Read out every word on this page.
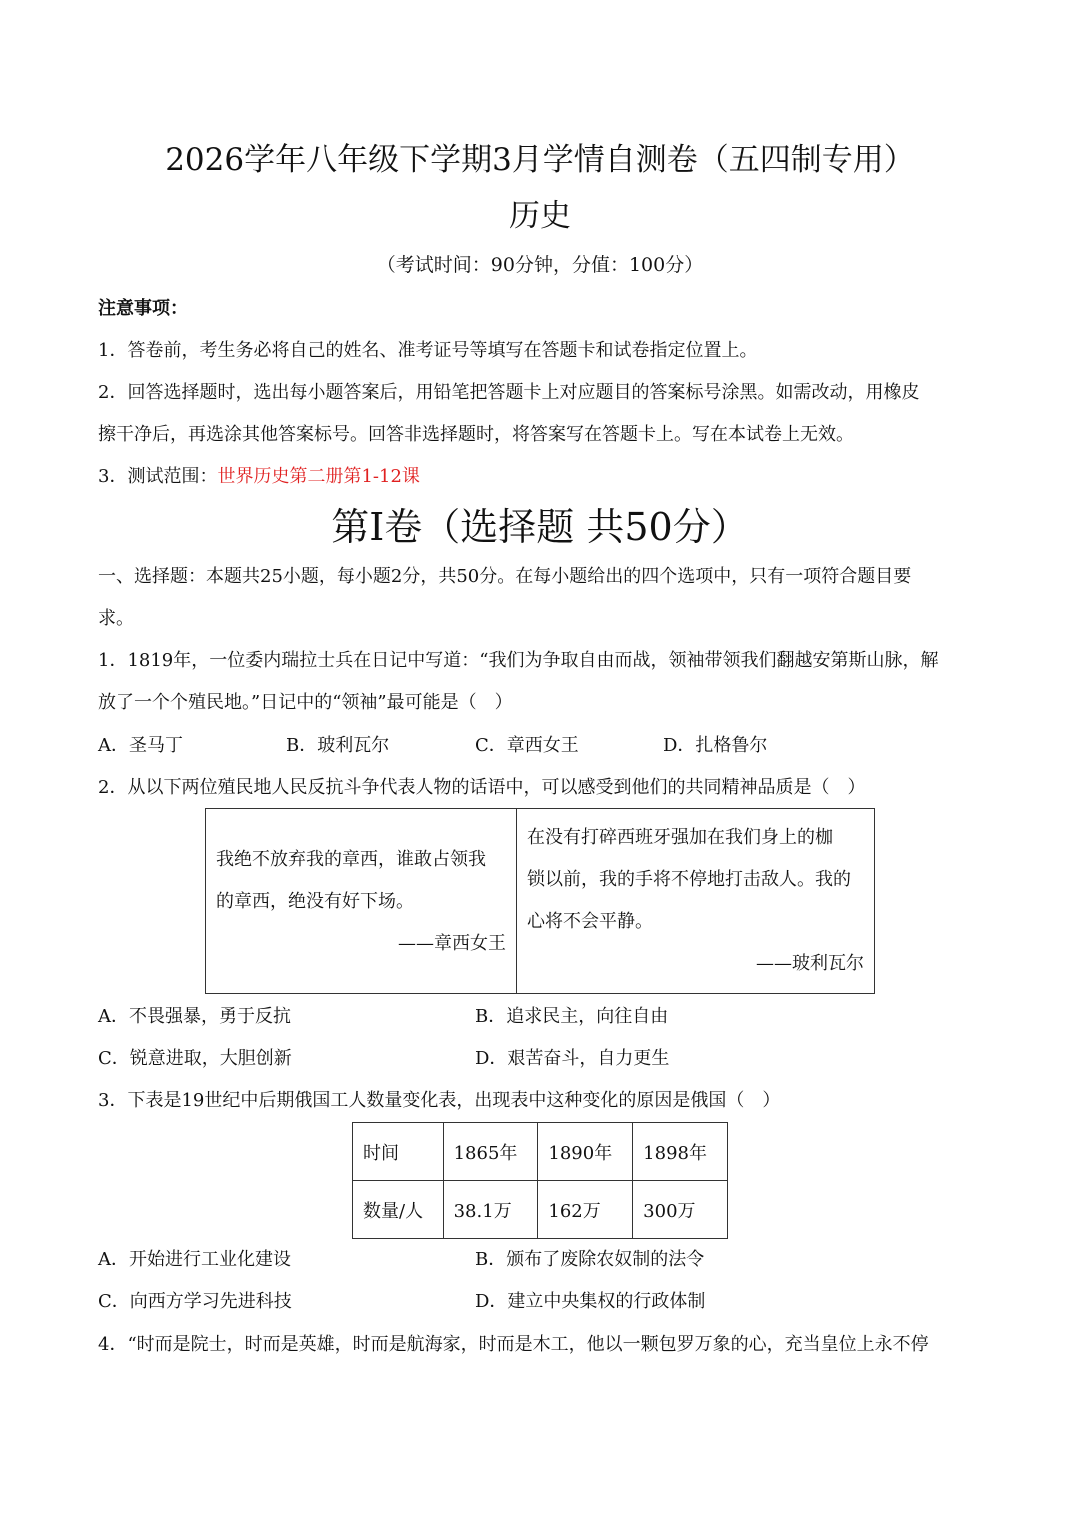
2026学年八年级下学期3月学情自测卷（五四制专用）
历史
（考试时间：90分钟，分值：100分）
注意事项：
1．答卷前，考生务必将自己的姓名、准考证号等填写在答题卡和试卷指定位置上。
2．回答选择题时，选出每小题答案后，用铅笔把答题卡上对应题目的答案标号涂黑。如需改动，用橡皮
擦干净后，再选涂其他答案标号。回答非选择题时，将答案写在答题卡上。写在本试卷上无效。
3．测试范围：世界历史第二册第1-12课
第Ⅰ卷（选择题 共50分）
一、选择题：本题共25小题，每小题2分，共50分。在每小题给出的四个选项中，只有一项符合题目要
求。
1．1819年，一位委内瑞拉士兵在日记中写道：“我们为争取自由而战，领袖带领我们翻越安第斯山脉，解
放了一个个殖民地。”日记中的“领袖”最可能是（　）
A．圣马丁	B．玻利瓦尔	C．章西女王	D．扎格鲁尔
2．从以下两位殖民地人民反抗斗争代表人物的话语中，可以感受到他们的共同精神品质是（　）
我绝不放弃我的章西，谁敢占领我
的章西，绝没有好下场。
——章西女王

在没有打碎西班牙强加在我们身上的枷
锁以前，我的手将不停地打击敌人。我的
心将不会平静。
——玻利瓦尔
A．不畏强暴，勇于反抗	B．追求民主，向往自由
C．锐意进取，大胆创新	D．艰苦奋斗，自力更生
3．下表是19世纪中后期俄国工人数量变化表，出现表中这种变化的原因是俄国（　）
时间	1865年	1890年	1898年
数量/人	38.1万	162万	300万
A．开始进行工业化建设	B．颁布了废除农奴制的法令
C．向西方学习先进科技	D．建立中央集权的行政体制
4．“时而是院士，时而是英雄，时而是航海家，时而是木工，他以一颗包罗万象的心，充当皇位上永不停
